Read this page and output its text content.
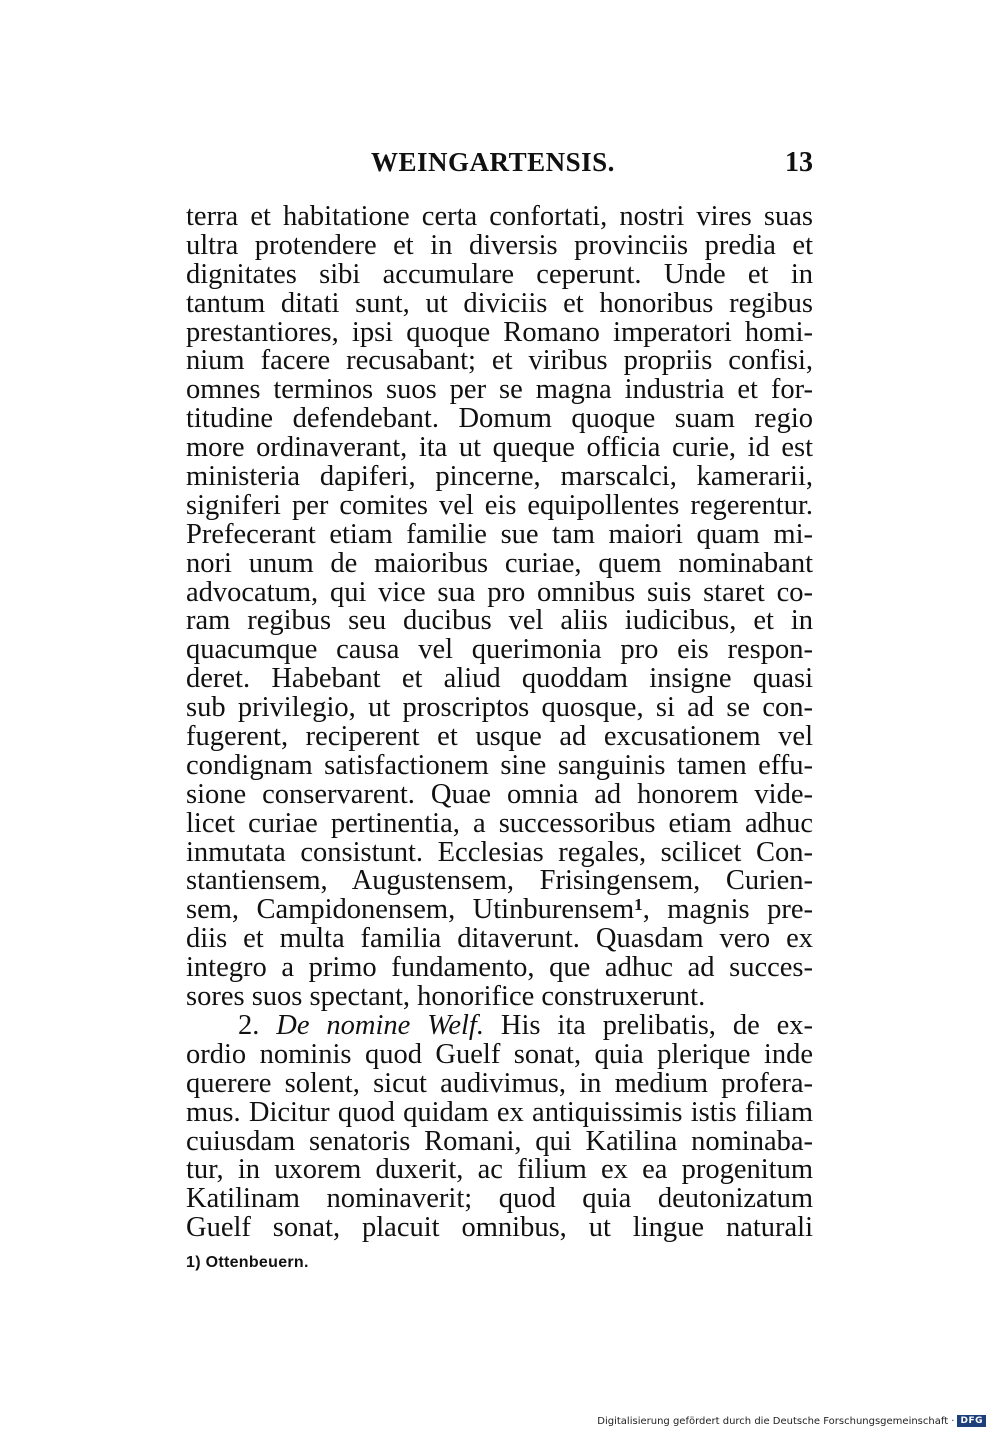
WEINGARTENSIS.	13
terra et habitatione certa confortati, nostri vires suas
ultra protendere et in diversis provinciis predia et
dignitates sibi accumulare ceperunt. Unde et in
tantum ditati sunt, ut diviciis et honoribus regibus
prestantiores, ipsi quoque Romano imperatori homi-
nium facere recusabant; et viribus propriis confisi,
omnes terminos suos per se magna industria et for-
titudine defendebant. Domum quoque suam regio
more ordinaverant, ita ut queque officia curie, id est
ministeria dapiferi, pincerne, marscalci, kamerarii,
signiferi per comites vel eis equipollentes regerentur.
Prefecerant etiam familie sue tam maiori quam mi-
nori unum de maioribus curiae, quem nominabant
advocatum, qui vice sua pro omnibus suis staret co-
ram regibus seu ducibus vel aliis iudicibus, et in
quacumque causa vel querimonia pro eis respon-
deret. Habebant et aliud quoddam insigne quasi
sub privilegio, ut proscriptos quosque, si ad se con-
fugerent, reciperent et usque ad excusationem vel
condignam satisfactionem sine sanguinis tamen effu-
sione conservarent. Quae omnia ad honorem vide-
licet curiae pertinentia, a successoribus etiam adhuc
inmutata consistunt. Ecclesias regales, scilicet Con-
stantiensem, Augustensem, Frisingensem, Curien-
sem, Campidonensem, Utinburensem$^1$, magnis pre-
diis et multa familia ditaverunt. Quasdam vero ex
integro a primo fundamento, que adhuc ad succes-
sores suos spectant, honorifice construxerunt.
2. De nomine Welf. His ita prelibatis, de ex-
ordio nominis quod Guelf sonat, quia plerique inde
querere solent, sicut audivimus, in medium profera-
mus. Dicitur quod quidam ex antiquissimis istis filiam
cuiusdam senatoris Romani, qui Katilina nominaba-
tur, in uxorem duxerit, ac filium ex ea progenitum
Katilinam nominaverit; quod quia deutonizatum
Guelf sonat, placuit omnibus, ut lingue naturali
1) Ottenbeuern.
Digitalisierung gefördert durch die Deutsche Forschungsgemeinschaft · DFG
